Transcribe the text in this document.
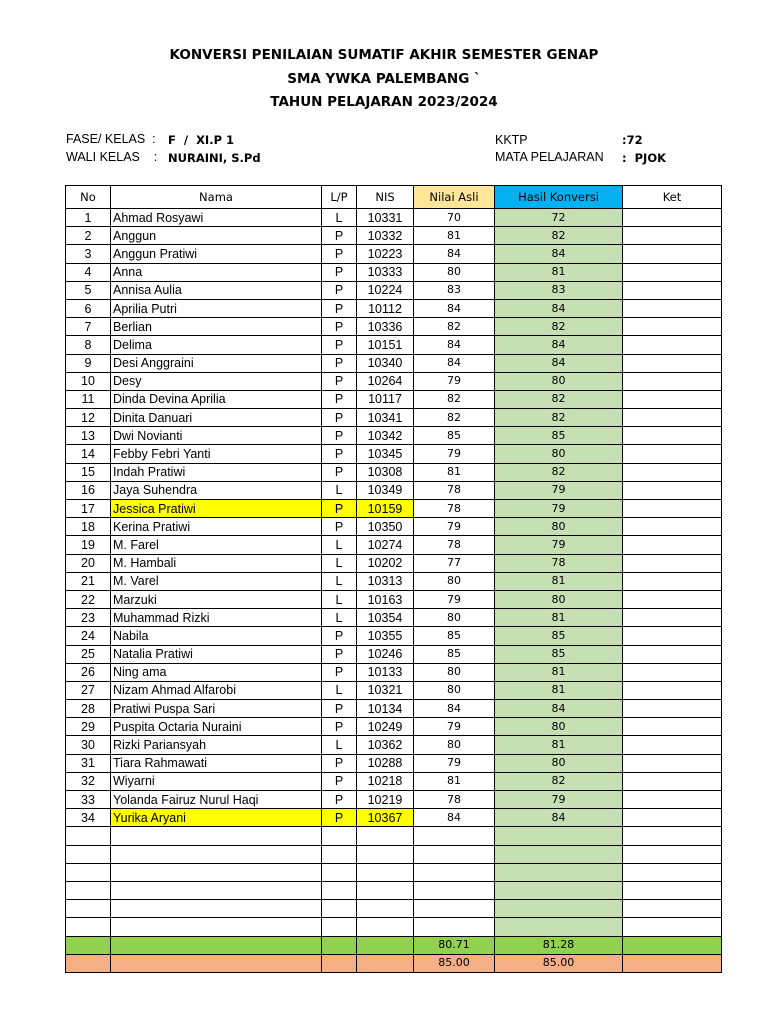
KONVERSI PENILAIAN SUMATIF AKHIR SEMESTER GENAP
SMA YWKA PALEMBANG `
TAHUN PELAJARAN 2023/2024
FASE/ KELAS  : F  /  XI.P 1
WALI KELAS    : NURAINI, S.Pd
KKTP	:72
MATA PELAJARAN :  PJOK
No	Nama	L/P	NIS	Nilai Asli	Hasil Konversi	Ket
1	Ahmad Rosyawi	L	10331	70	72	
2	Anggun	P	10332	81	82	
3	Anggun Pratiwi	P	10223	84	84	
4	Anna	P	10333	80	81	
5	Annisa Aulia	P	10224	83	83	
6	Aprilia Putri	P	10112	84	84	
7	Berlian	P	10336	82	82	
8	Delima	P	10151	84	84	
9	Desi Anggraini	P	10340	84	84	
10	Desy	P	10264	79	80	
11	Dinda Devina Aprilia	P	10117	82	82	
12	Dinita Danuari	P	10341	82	82	
13	Dwi Novianti	P	10342	85	85	
14	Febby Febri Yanti	P	10345	79	80	
15	Indah Pratiwi	P	10308	81	82	
16	Jaya Suhendra	L	10349	78	79	
17	Jessica Pratiwi	P	10159	78	79	
18	Kerina Pratiwi	P	10350	79	80	
19	M. Farel	L	10274	78	79	
20	M. Hambali	L	10202	77	78	
21	M. Varel	L	10313	80	81	
22	Marzuki	L	10163	79	80	
23	Muhammad Rizki	L	10354	80	81	
24	Nabila	P	10355	85	85	
25	Natalia Pratiwi	P	10246	85	85	
26	Ning ama	P	10133	80	81	
27	Nizam Ahmad Alfarobi	L	10321	80	81	
28	Pratiwi Puspa Sari	P	10134	84	84	
29	Puspita Octaria Nuraini	P	10249	79	80	
30	Rizki Pariansyah	L	10362	80	81	
31	Tiara Rahmawati	P	10288	79	80	
32	Wiyarni	P	10218	81	82	
33	Yolanda Fairuz Nurul Haqi	P	10219	78	79	
34	Yurika Aryani	P	10367	84	84	

				80.71	81.28	
				85.00	85.00	
